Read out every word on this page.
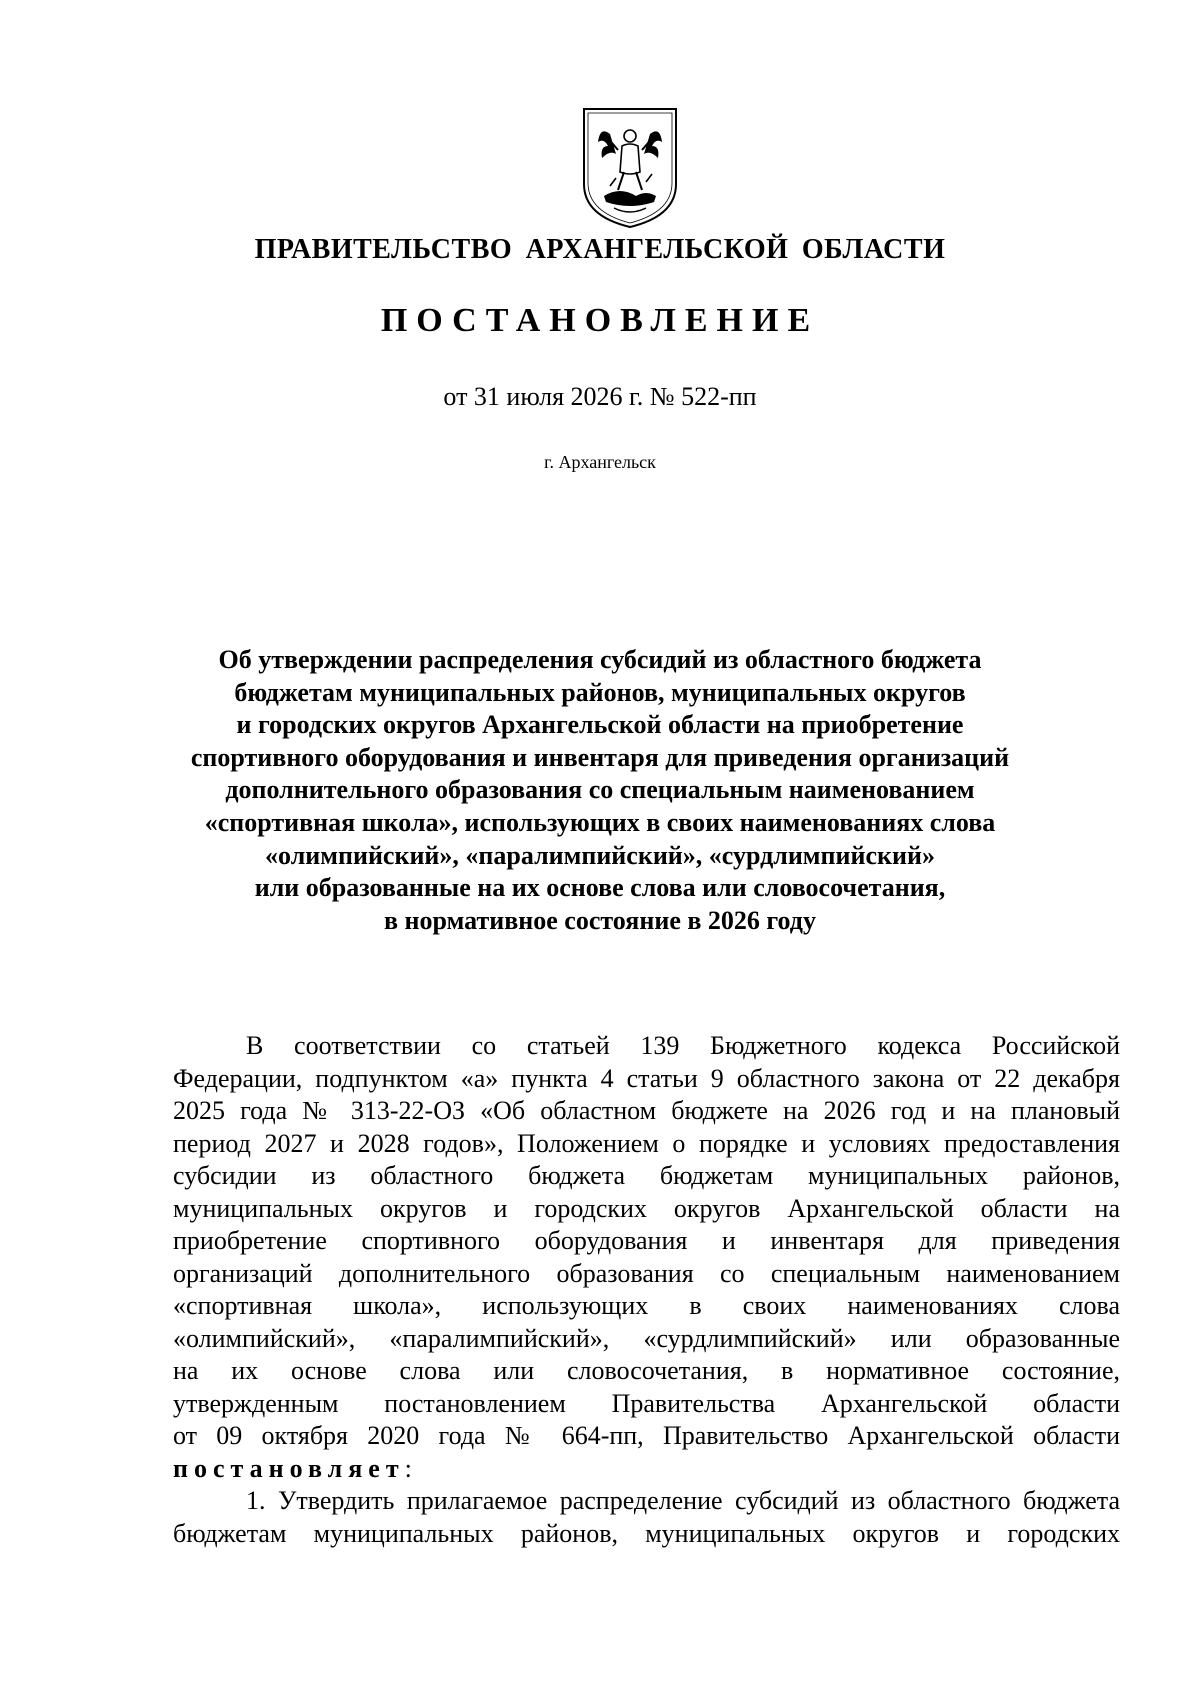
ПРАВИТЕЛЬСТВО АРХАНГЕЛЬСКОЙ ОБЛАСТИ
ПОСТАНОВЛЕНИЕ
от 31 июля 2026 г. № 522-пп
г. Архангельск
Об утверждении распределения субсидий из областного бюджета
бюджетам муниципальных районов, муниципальных округов
и городских округов Архангельской области на приобретение
спортивного оборудования и инвентаря для приведения организаций
дополнительного образования со специальным наименованием
«спортивная школа», использующих в своих наименованиях слова
«олимпийский», «паралимпийский», «сурдлимпийский»
или образованные на их основе слова или словосочетания,
в нормативное состояние в 2026 году
В соответствии со статьей 139 Бюджетного кодекса Российской
Федерации, подпунктом «а» пункта 4 статьи 9 областного закона от 22 декабря
2025 года № 313-22-ОЗ «Об областном бюджете на 2026 год и на плановый
период 2027 и 2028 годов», Положением о порядке и условиях предоставления
субсидии из областного бюджета бюджетам муниципальных районов,
муниципальных округов и городских округов Архангельской области на
приобретение спортивного оборудования и инвентаря для приведения
организаций дополнительного образования со специальным наименованием
«спортивная школа», использующих в своих наименованиях слова
«олимпийский», «паралимпийский», «сурдлимпийский» или образованные
на их основе слова или словосочетания, в нормативное состояние,
утвержденным постановлением Правительства Архангельской области
от 09 октября 2020 года № 664-пп, Правительство Архангельской области
постановляет:
1. Утвердить прилагаемое распределение субсидий из областного бюджета
бюджетам муниципальных районов, муниципальных округов и городских
